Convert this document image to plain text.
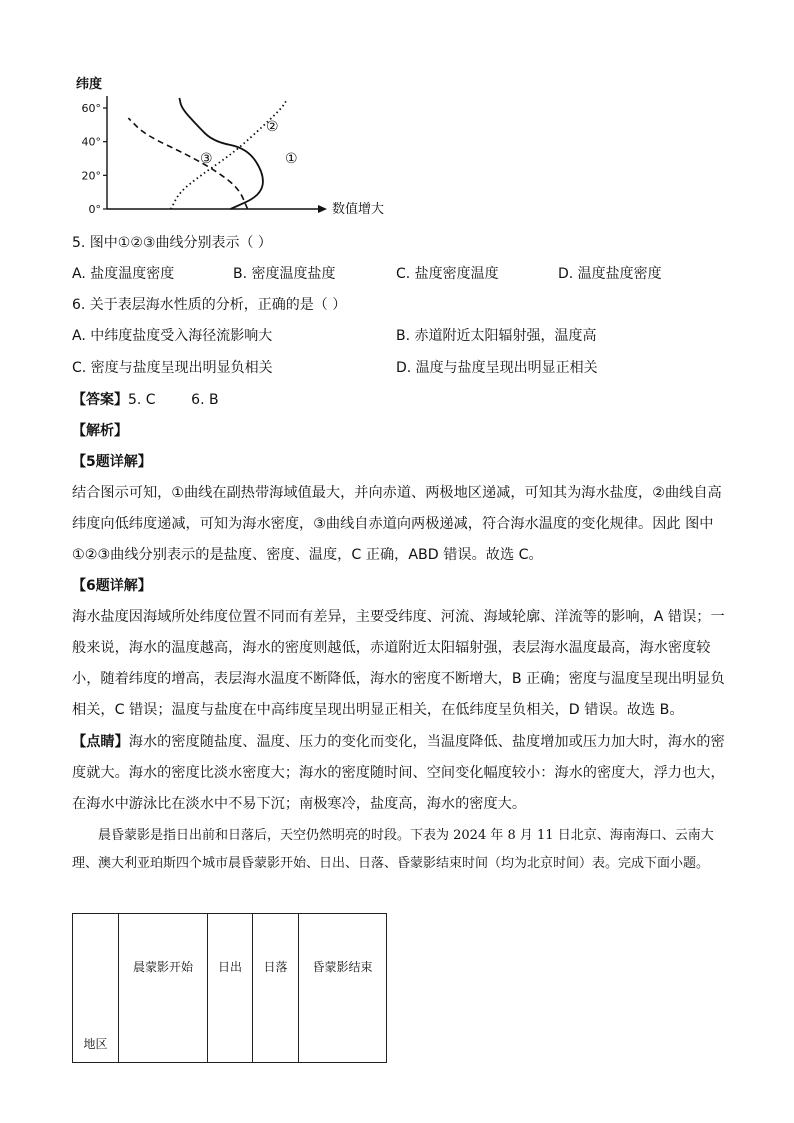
纬度
60°
40°
20°
0°	数值增大
①
②
③
5. 图中①②③曲线分别表示（ ）
A. 盐度温度密度	B. 密度温度盐度	C. 盐度密度温度	D. 温度盐度密度
6. 关于表层海水性质的分析，正确的是（ ）
A. 中纬度盐度受入海径流影响大	B. 赤道附近太阳辐射强，温度高
C. 密度与盐度呈现出明显负相关	D. 温度与盐度呈现出明显正相关
【答案】5. C        6. B
【解析】
【5题详解】
结合图示可知，①曲线在副热带海域值最大，并向赤道、两极地区递减，可知其为海水盐度，②曲线自高纬度向低纬度递减，可知为海水密度，③曲线自赤道向两极递减，符合海水温度的变化规律。因此 图中①②③曲线分别表示的是盐度、密度、温度，C 正确，ABD 错误。故选 C。
【6题详解】
海水盐度因海域所处纬度位置不同而有差异，主要受纬度、河流、海域轮廓、洋流等的影响，A 错误；一般来说，海水的温度越高，海水的密度则越低，赤道附近太阳辐射强，表层海水温度最高，海水密度较小，随着纬度的增高，表层海水温度不断降低，海水的密度不断增大，B 正确；密度与温度呈现出明显负相关，C 错误；温度与盐度在中高纬度呈现出明显正相关，在低纬度呈负相关，D 错误。故选 B。
【点睛】海水的密度随盐度、温度、压力的变化而变化，当温度降低、盐度增加或压力加大时，海水的密度就大。海水的密度比淡水密度大；海水的密度随时间、空间变化幅度较小：海水的密度大，浮力也大，在海水中游泳比在淡水中不易下沉；南极寒冷，盐度高，海水的密度大。
晨昏蒙影是指日出前和日落后，天空仍然明亮的时段。下表为 2024 年 8 月 11 日北京、海南海口、云南大理、澳大利亚珀斯四个城市晨昏蒙影开始、日出、日落、昏蒙影结束时间（均为北京时间）表。完成下面小题。
地区	晨蒙影开始	日出	日落	昏蒙影结束
